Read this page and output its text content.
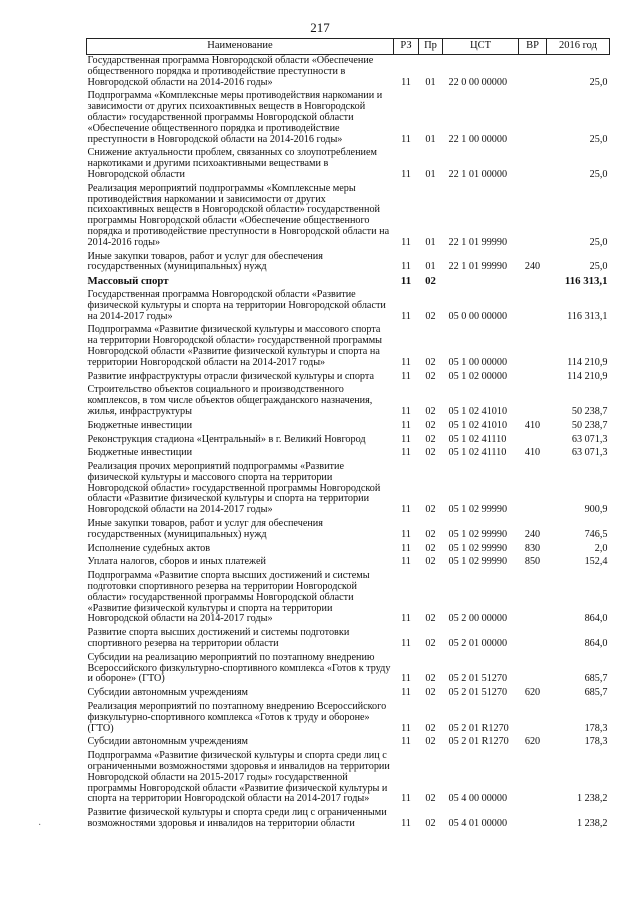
217
Наименование	РЗ	Пр	ЦСТ	ВР	2016 год
Государственная программа Новгородской области «Обеспечение общественного порядка и противодействие преступности в Новгородской области на 2014-2016 годы»	11	01	22 0 00 00000		25,0
Подпрограмма «Комплексные меры противодействия наркомании и зависимости от других психоактивных веществ в Новгородской области» государственной программы Новгородской области «Обеспечение общественного порядка и противодействие преступности в Новгородской области на 2014-2016 годы»	11	01	22 1 00 00000		25,0
Снижение актуальности проблем, связанных со злоупотреблением наркотиками и другими психоактивными веществами в Новгородской области	11	01	22 1 01 00000		25,0
Реализация мероприятий подпрограммы «Комплексные меры противодействия наркомании и зависимости от других психоактивных веществ в Новгородской области» государственной программы Новгородской области «Обеспечение общественного порядка и противодействие преступности в Новгородской области на 2014-2016 годы»	11	01	22 1 01 99990		25,0
Иные закупки товаров, работ и услуг для обеспечения государственных (муниципальных) нужд	11	01	22 1 01 99990	240	25,0
Массовый спорт	11	02			116 313,1
Государственная программа Новгородской области «Развитие физической культуры и спорта на территории Новгородской области на 2014-2017 годы»	11	02	05 0 00 00000		116 313,1
Подпрограмма «Развитие физической культуры и массового спорта на территории Новгородской области» государственной программы Новгородской области «Развитие физической культуры и спорта на территории Новгородской области на 2014-2017 годы»	11	02	05 1 00 00000		114 210,9
Развитие инфраструктуры отрасли физической культуры и спорта	11	02	05 1 02 00000		114 210,9
Строительство объектов социального и производственного комплексов, в том числе объектов общегражданского назначения, жилья, инфраструктуры	11	02	05 1 02 41010		50 238,7
Бюджетные инвестиции	11	02	05 1 02 41010	410	50 238,7
Реконструкция стадиона «Центральный» в г. Великий Новгород	11	02	05 1 02 41110		63 071,3
Бюджетные инвестиции	11	02	05 1 02 41110	410	63 071,3
Реализация прочих мероприятий подпрограммы «Развитие физической культуры и массового спорта на территории Новгородской области» государственной программы Новгородской области «Развитие физической культуры и спорта на территории Новгородской области на 2014-2017 годы»	11	02	05 1 02 99990		900,9
Иные закупки товаров, работ и услуг для обеспечения государственных (муниципальных) нужд	11	02	05 1 02 99990	240	746,5
Исполнение судебных актов	11	02	05 1 02 99990	830	2,0
Уплата налогов, сборов и иных платежей	11	02	05 1 02 99990	850	152,4
Подпрограмма «Развитие спорта высших достижений и системы подготовки спортивного резерва на территории Новгородской области» государственной программы Новгородской области «Развитие физической культуры и спорта на территории Новгородской области на 2014-2017 годы»	11	02	05 2 00 00000		864,0
Развитие спорта высших достижений и системы подготовки спортивного резерва на территории области	11	02	05 2 01 00000		864,0
Субсидии на реализацию мероприятий по поэтапному внедрению Всероссийского физкультурно-спортивного комплекса «Готов к труду и обороне» (ГТО)	11	02	05 2 01 51270		685,7
Субсидии автономным учреждениям	11	02	05 2 01 51270	620	685,7
Реализация мероприятий по поэтапному внедрению Всероссийского физкультурно-спортивного комплекса «Готов к труду и обороне» (ГТО)	11	02	05 2 01 R1270		178,3
Субсидии автономным учреждениям	11	02	05 2 01 R1270	620	178,3
Подпрограмма «Развитие физической культуры и спорта среди лиц с ограниченными возможностями здоровья и инвалидов на территории Новгородской области на 2015-2017 годы» государственной программы Новгородской области «Развитие физической культуры и спорта на территории Новгородской области на 2014-2017 годы»	11	02	05 4 00 00000		1 238,2
Развитие физической культуры и спорта среди лиц с ограниченными возможностями здоровья и инвалидов на территории области	11	02	05 4 01 00000		1 238,2
·
